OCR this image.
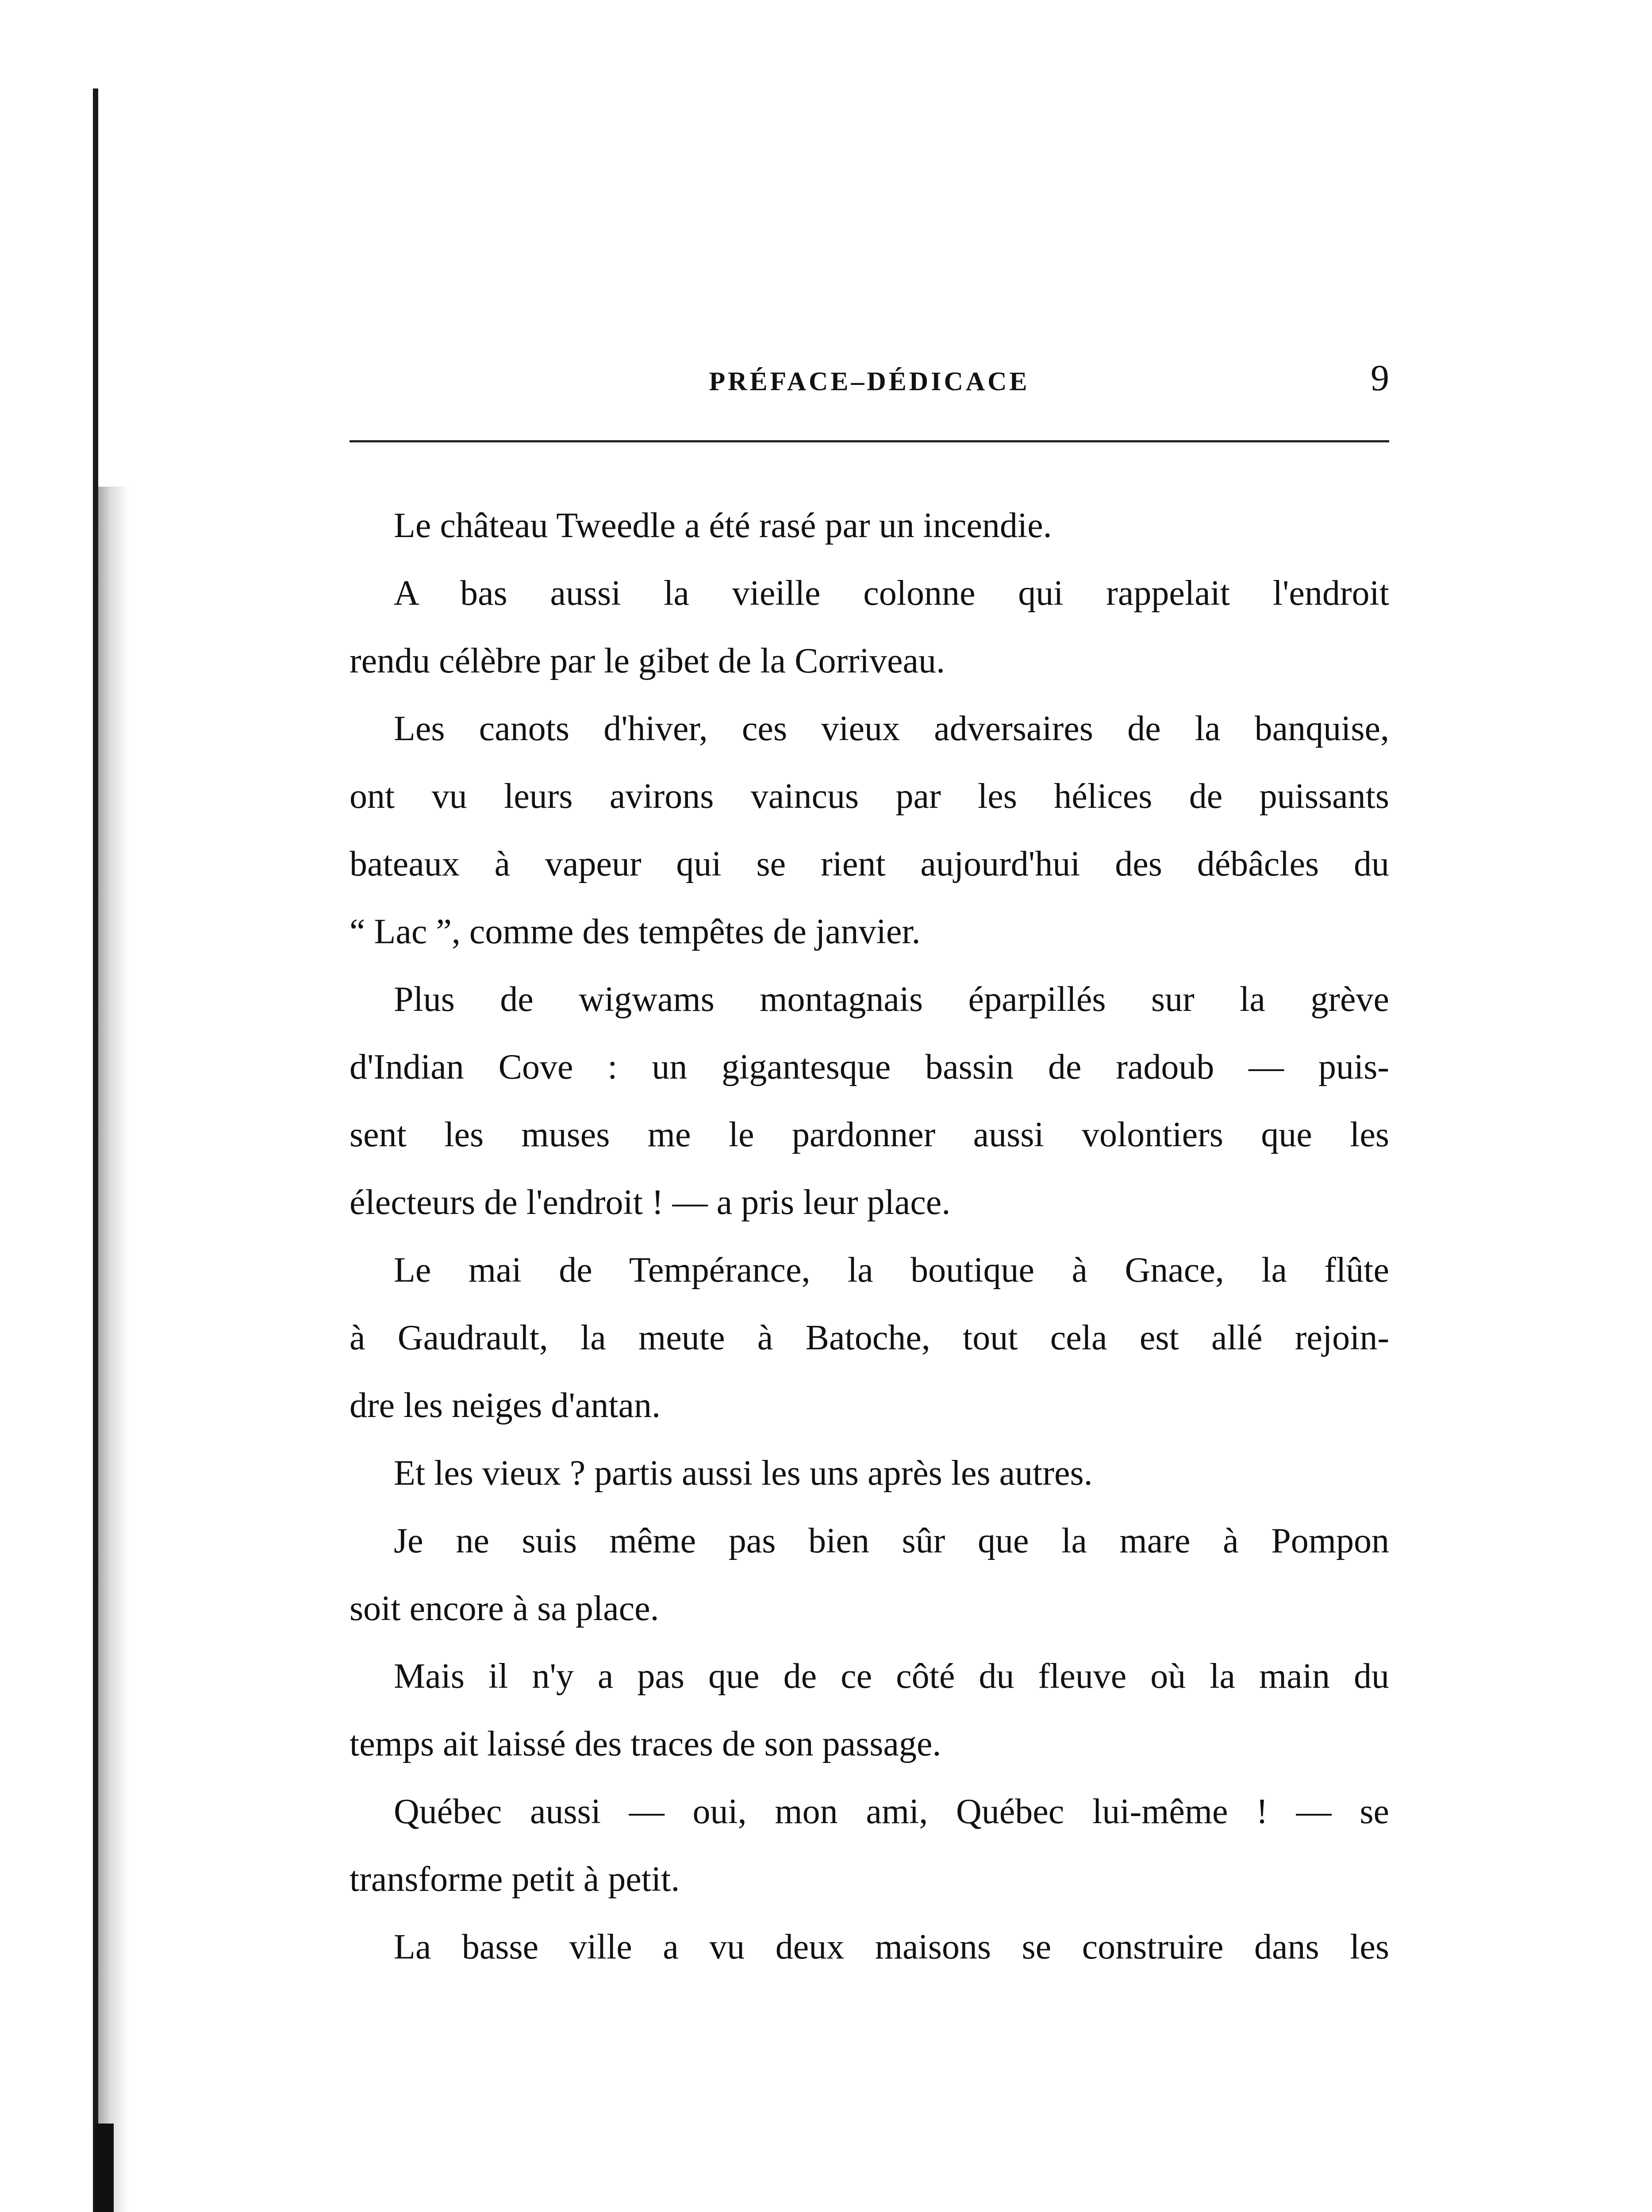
PRÉFACE–DÉDICACE	9
Le château Tweedle a été rasé par un incendie.
A bas aussi la vieille colonne qui rappelait l'endroit
rendu célèbre par le gibet de la Corriveau.
Les canots d'hiver, ces vieux adversaires de la banquise,
ont vu leurs avirons vaincus par les hélices de puissants
bateaux à vapeur qui se rient aujourd'hui des débâcles du
“ Lac ”, comme des tempêtes de janvier.
Plus de wigwams montagnais éparpillés sur la grève
d'Indian Cove : un gigantesque bassin de radoub — puis-
sent les muses me le pardonner aussi volontiers que les
électeurs de l'endroit ! — a pris leur place.
Le mai de Tempérance, la boutique à Gnace, la flûte
à Gaudrault, la meute à Batoche, tout cela est allé rejoin-
dre les neiges d'antan.
Et les vieux ? partis aussi les uns après les autres.
Je ne suis même pas bien sûr que la mare à Pompon
soit encore à sa place.
Mais il n'y a pas que de ce côté du fleuve où la main du
temps ait laissé des traces de son passage.
Québec aussi — oui, mon ami, Québec lui-même ! — se
transforme petit à petit.
La basse ville a vu deux maisons se construire dans les
